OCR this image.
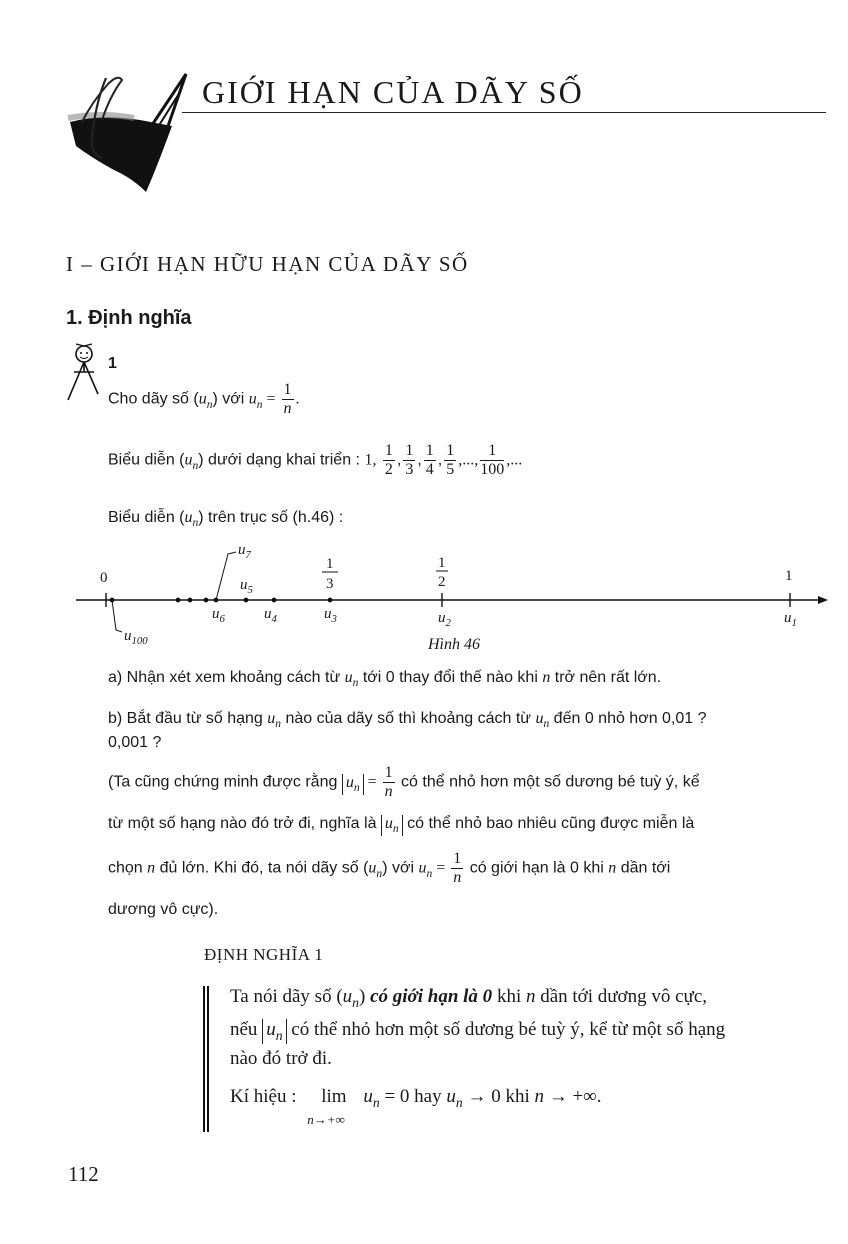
GIỚI HẠN CỦA DÃY SỐ
I – GIỚI HẠN HỮU HẠN CỦA DÃY SỐ
1. Định nghĩa
1
Cho dãy số $(u_n)$ với $u_n = \frac{1}{n}$ .
Biểu diễn $(u_n)$ dưới dạng khai triển : 1, $\frac{1}{2}$ , $\frac{1}{3}$ , $\frac{1}{4}$ , $\frac{1}{5}$ ,..., $\frac{1}{100}$ ,...
Biểu diễn $(u_n)$ trên trục số (h.46) :
$u_7$
0
1
3
1
2	1
$u_5$
$u_6$	$u_4$	$u_3$	$u_2$	$u_1$
$u_{100}$	Hình 46
a) Nhận xét xem khoảng cách từ $u_n$ tới 0 thay đổi thế nào khi n trở nên rất lớn.
b) Bắt đầu từ số hạng $u_n$ nào của dãy số thì khoảng cách từ $u_n$ đến 0 nhỏ hơn 0,01 ?
0,001 ?
(Ta cũng chứng minh được rằng $u_n = \frac{1}{n}$ có thể nhỏ hơn một số dương bé tuỳ ý, kể
từ một số hạng nào đó trở đi, nghĩa là $u_n$ có thể nhỏ bao nhiêu cũng được miễn là
chọn n đủ lớn. Khi đó, ta nói dãy số $(u_n)$ với $u_n = \frac{1}{n}$ có giới hạn là 0 khi n dần tới
dương vô cực).
ĐỊNH NGHĨA 1
Ta nói dãy số $(u_n)$ có giới hạn là 0 khi n dần tới dương vô cực,
nếu $u_n$ có thể nhỏ hơn một số dương bé tuỳ ý, kể từ một số hạng
nào đó trở đi.
Kí hiệu : lim
n→+∞
$u_n = 0$ hay $u_n \to 0$ khi n → +∞.
112
